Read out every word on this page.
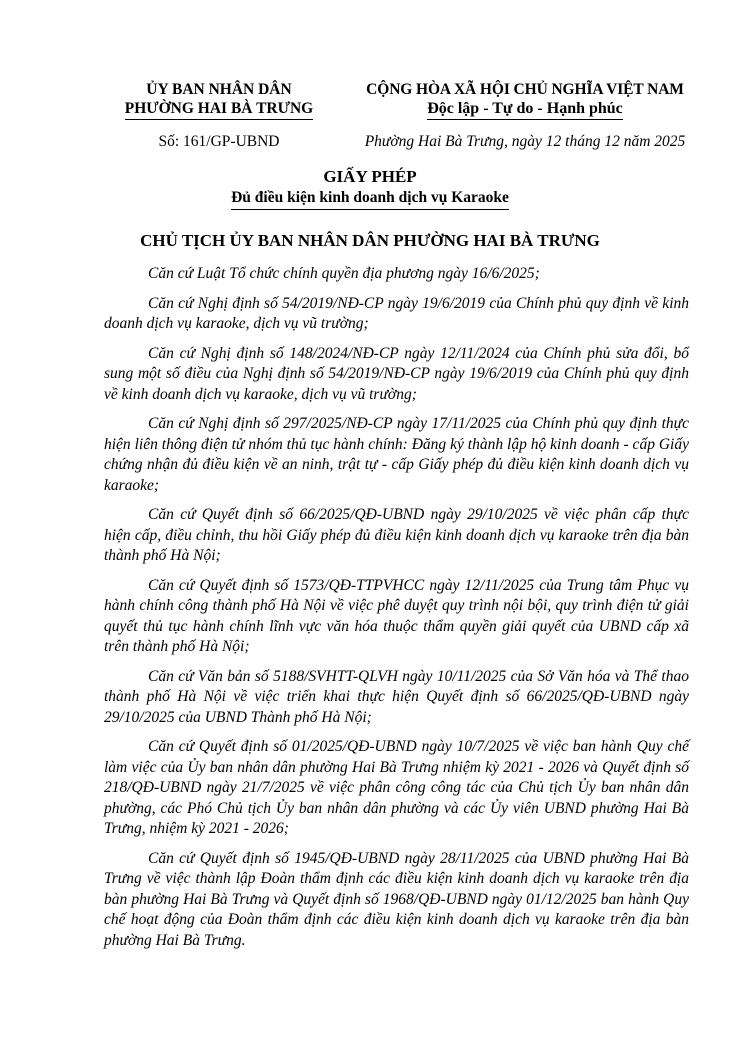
ỦY BAN NHÂN DÂN
PHƯỜNG HAI BÀ TRƯNG
Số: 161/GP-UBND
CỘNG HÒA XÃ HỘI CHỦ NGHĨA VIỆT NAM
Độc lập - Tự do - Hạnh phúc
Phường Hai Bà Trưng, ngày 12 tháng 12 năm 2025
GIẤY PHÉP
Đủ điều kiện kinh doanh dịch vụ Karaoke
CHỦ TỊCH ỦY BAN NHÂN DÂN PHƯỜNG HAI BÀ TRƯNG

Căn cứ Luật Tổ chức chính quyền địa phương ngày 16/6/2025;

Căn cứ Nghị định số 54/2019/NĐ-CP ngày 19/6/2019 của Chính phủ quy định về kinh doanh dịch vụ karaoke, dịch vụ vũ trường;

Căn cứ Nghị định số 148/2024/NĐ-CP ngày 12/11/2024 của Chính phủ sửa đổi, bổ sung một số điều của Nghị định số 54/2019/NĐ-CP ngày 19/6/2019 của Chính phủ quy định về kinh doanh dịch vụ karaoke, dịch vụ vũ trường;

Căn cứ Nghị định số 297/2025/NĐ-CP ngày 17/11/2025 của Chính phủ quy định thực hiện liên thông điện tử nhóm thủ tục hành chính: Đăng ký thành lập hộ kinh doanh - cấp Giấy chứng nhận đủ điều kiện về an ninh, trật tự - cấp Giấy phép đủ điều kiện kinh doanh dịch vụ karaoke;

Căn cứ Quyết định số 66/2025/QĐ-UBND ngày 29/10/2025 về việc phân cấp thực hiện cấp, điều chỉnh, thu hồi Giấy phép đủ điều kiện kinh doanh dịch vụ karaoke trên địa bàn thành phố Hà Nội;

Căn cứ Quyết định số 1573/QĐ-TTPVHCC ngày 12/11/2025 của Trung tâm Phục vụ hành chính công thành phố Hà Nội về việc phê duyệt quy trình nội bội, quy trình điện tử giải quyết thủ tục hành chính lĩnh vực văn hóa thuộc thẩm quyền giải quyết của UBND cấp xã trên thành phố Hà Nội;

Căn cứ Văn bản số 5188/SVHTT-QLVH ngày 10/11/2025 của Sở Văn hóa và Thể thao thành phố Hà Nội về việc triển khai thực hiện Quyết định số 66/2025/QĐ-UBND ngày 29/10/2025 của UBND Thành phố Hà Nội;

Căn cứ Quyết định số 01/2025/QĐ-UBND ngày 10/7/2025 về việc ban hành Quy chế làm việc của Ủy ban nhân dân phường Hai Bà Trưng nhiệm kỳ 2021 - 2026 và Quyết định số 218/QĐ-UBND ngày 21/7/2025 về việc phân công công tác của Chủ tịch Ủy ban nhân dân phường, các Phó Chủ tịch Ủy ban nhân dân phường và các Ủy viên UBND phường Hai Bà Trưng, nhiệm kỳ 2021 - 2026;

Căn cứ Quyết định số 1945/QĐ-UBND ngày 28/11/2025 của UBND phường Hai Bà Trưng về việc thành lập Đoàn thẩm định các điều kiện kinh doanh dịch vụ karaoke trên địa bàn phường Hai Bà Trưng và Quyết định số 1968/QĐ-UBND ngày 01/12/2025 ban hành Quy chế hoạt động của Đoàn thẩm định các điều kiện kinh doanh dịch vụ karaoke trên địa bàn phường Hai Bà Trưng.
